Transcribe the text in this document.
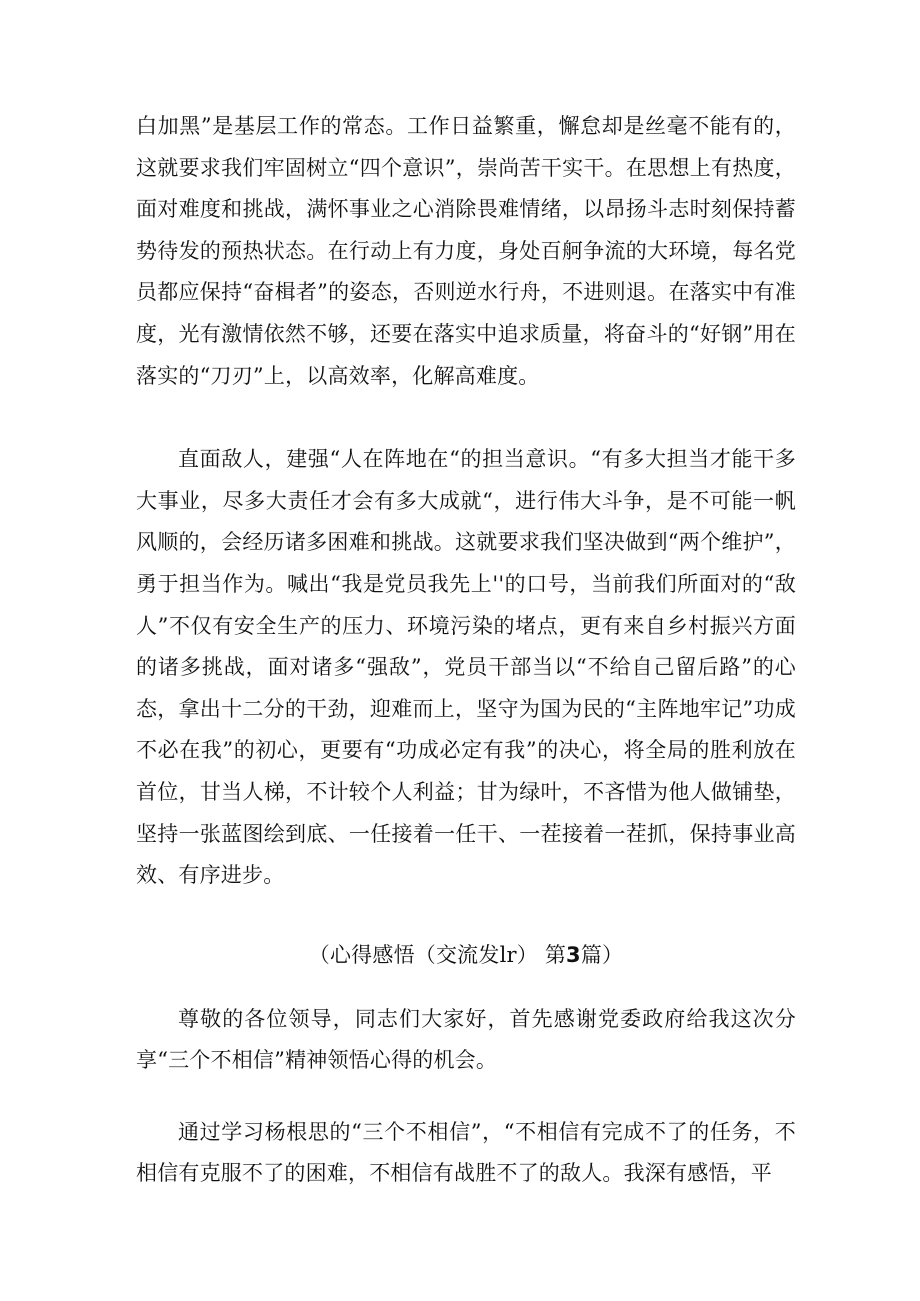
白加黑”是基层工作的常态。工作日益繁重，懈怠却是丝毫不能有的，这就要求我们牢固树立“四个意识”，崇尚苦干实干。在思想上有热度，面对难度和挑战，满怀事业之心消除畏难情绪，以昂扬斗志时刻保持蓄势待发的预热状态。在行动上有力度，身处百舸争流的大环境，每名党员都应保持“奋楫者”的姿态，否则逆水行舟，不进则退。在落实中有准度，光有激情依然不够，还要在落实中追求质量，将奋斗的“好钢”用在落实的“刀刃”上，以高效率，化解高难度。

直面敌人，建强“人在阵地在“的担当意识。“有多大担当才能干多大事业，尽多大责任才会有多大成就“，进行伟大斗争，是不可能一帆风顺的，会经历诸多困难和挑战。这就要求我们坚决做到“两个维护”，勇于担当作为。喊出“我是党员我先上''的口号，当前我们所面对的“敌人”不仅有安全生产的压力、环境污染的堵点，更有来自乡村振兴方面的诸多挑战，面对诸多“强敌”，党员干部当以“不给自己留后路”的心态，拿出十二分的干劲，迎难而上，坚守为国为民的“主阵地牢记”功成不必在我”的初心，更要有“功成必定有我”的决心，将全局的胜利放在首位，甘当人梯，不计较个人利益；甘为绿叶，不吝惜为他人做铺垫，坚持一张蓝图绘到底、一任接着一任干、一茬接着一茬抓，保持事业高效、有序进步。

（心得感悟（交流发lr） 第3篇）

尊敬的各位领导，同志们大家好，首先感谢党委政府给我这次分享“三个不相信”精神领悟心得的机会。

通过学习杨根思的“三个不相信”，“不相信有完成不了的任务，不相信有克服不了的困难，不相信有战胜不了的敌人。我深有感悟，平
